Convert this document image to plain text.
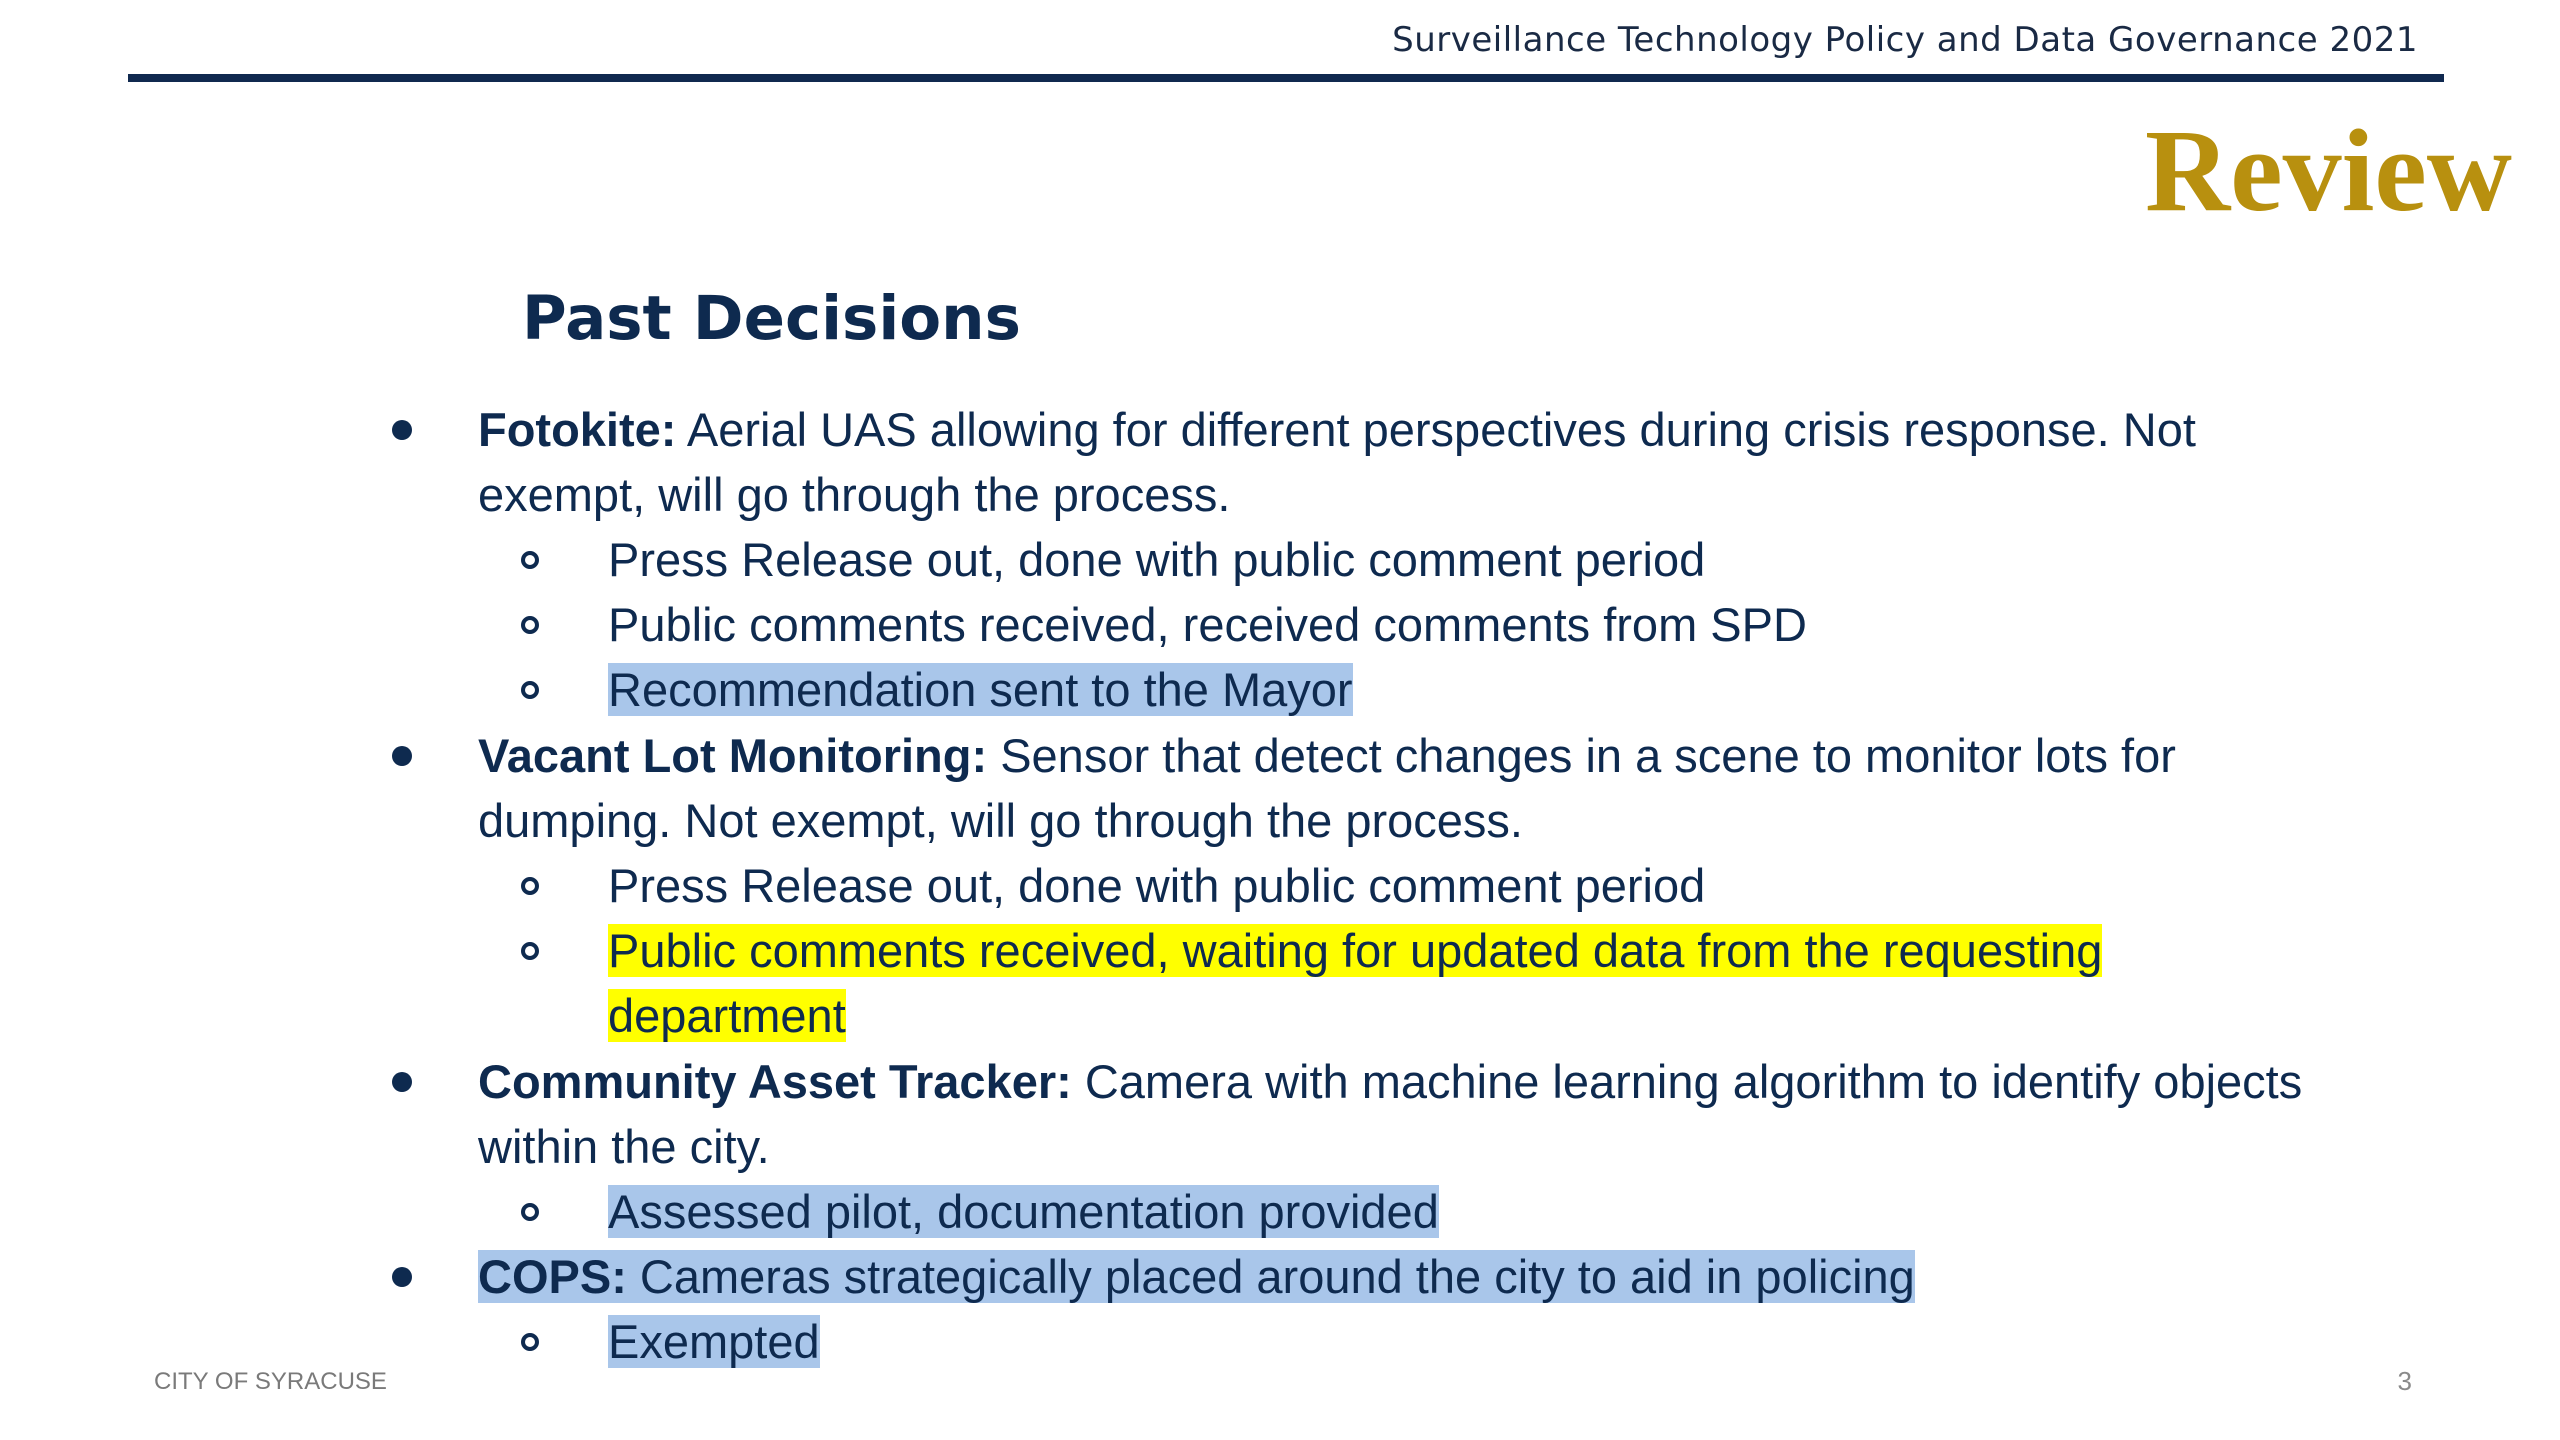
Surveillance Technology Policy and Data Governance 2021
Review
Past Decisions
Fotokite: Aerial UAS allowing for different perspectives during crisis response. Not
exempt, will go through the process.
Press Release out, done with public comment period
Public comments received, received comments from SPD
Recommendation sent to the Mayor
Vacant Lot Monitoring: Sensor that detect changes in a scene to monitor lots for
dumping. Not exempt, will go through the process.
Press Release out, done with public comment period
Public comments received, waiting for updated data from the requesting
department
Community Asset Tracker: Camera with machine learning algorithm to identify objects
within the city.
Assessed pilot, documentation provided
COPS: Cameras strategically placed around the city to aid in policing
Exempted
CITY OF SYRACUSE	3
